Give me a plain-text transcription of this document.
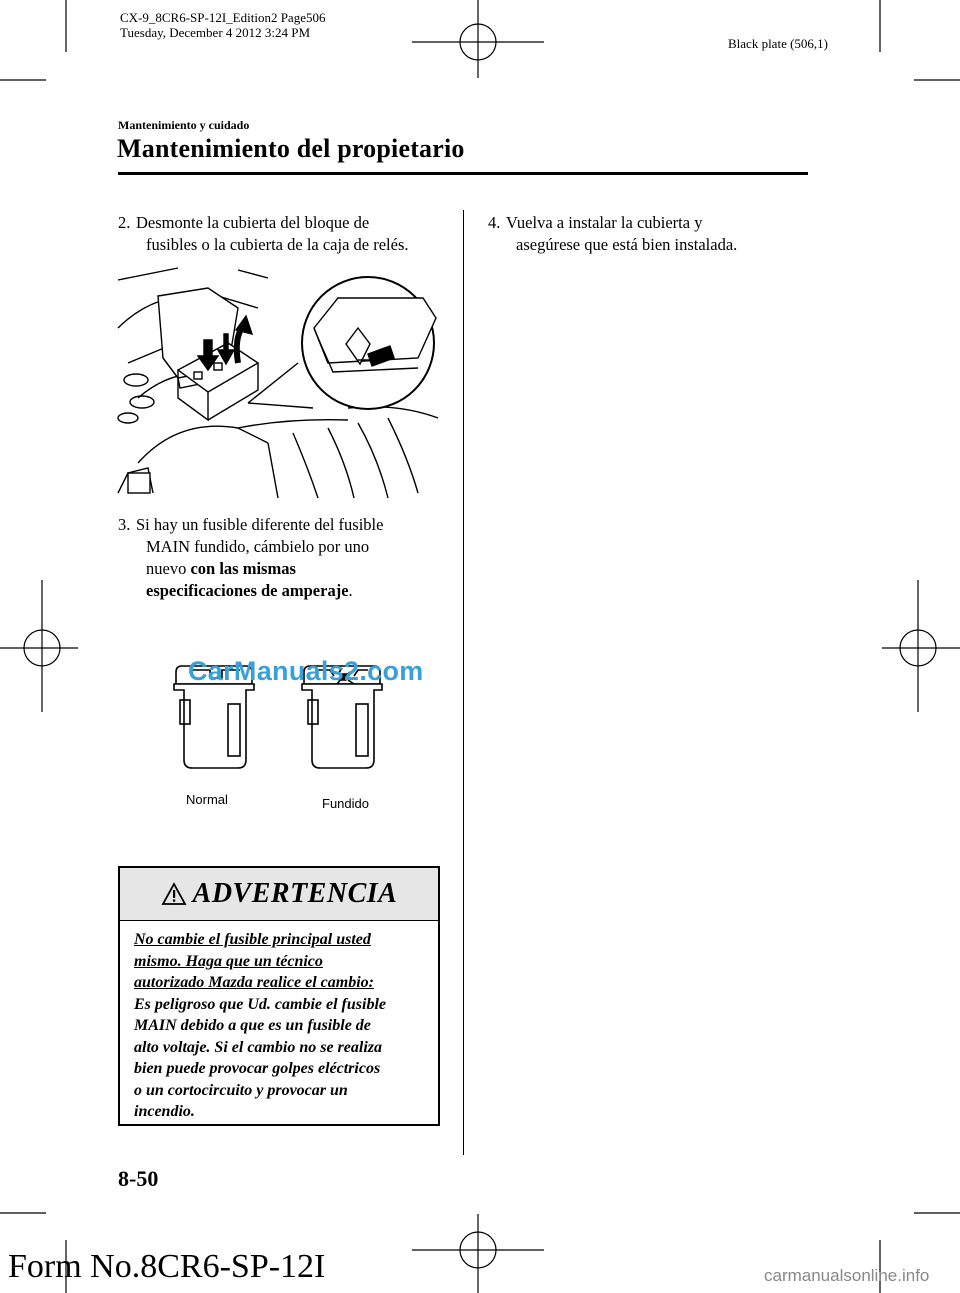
CX-9_8CR6-SP-12I_Edition2 Page506
Tuesday, December 4 2012 3:24 PM
Black plate (506,1)
Mantenimiento y cuidado
Mantenimiento del propietario
2. Desmonte la cubierta del bloque de
fusibles o la cubierta de la caja de relés.
3. Si hay un fusible diferente del fusible
MAIN fundido, cámbielo por uno
nuevo con las mismas
especificaciones de amperaje.
Normal	Fundido
CarManuals2.com
ADVERTENCIA
No cambie el fusible principal usted
mismo. Haga que un técnico
autorizado Mazda realice el cambio:
Es peligroso que Ud. cambie el fusible
MAIN debido a que es un fusible de
alto voltaje. Si el cambio no se realiza
bien puede provocar golpes eléctricos
o un cortocircuito y provocar un
incendio.
4. Vuelva a instalar la cubierta y
asegúrese que está bien instalada.
8-50
Form No.8CR6-SP-12I	carmanualsonline.info
